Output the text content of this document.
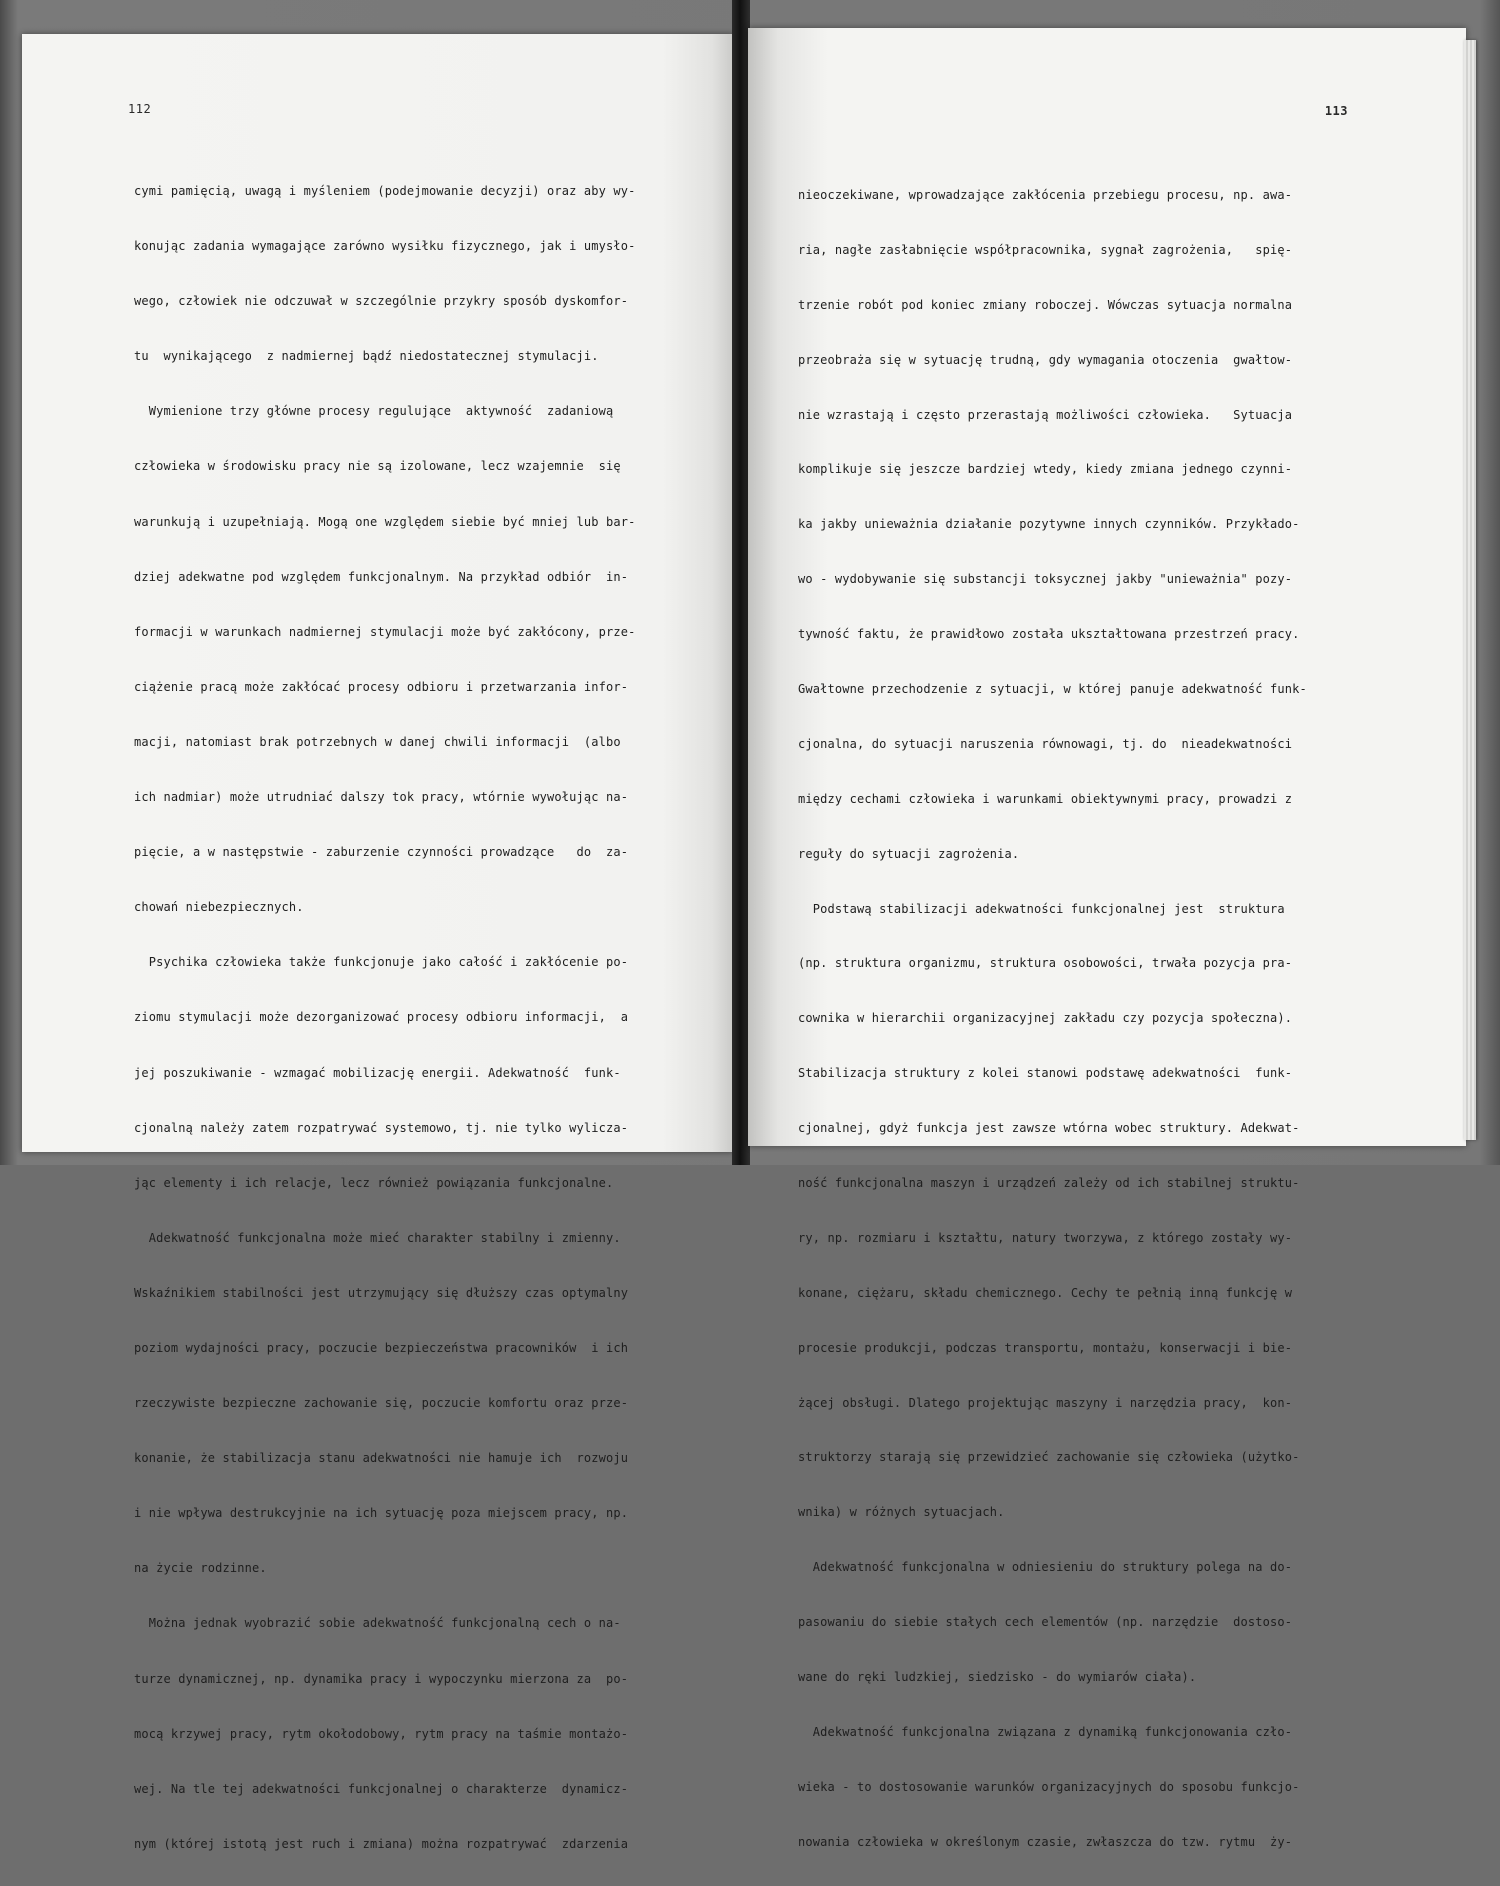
112

cymi pamięcią, uwagą i myśleniem (podejmowanie decyzji) oraz aby wy-

konując zadania wymagające zarówno wysiłku fizycznego, jak i umysło-

wego, człowiek nie odczuwał w szczególnie przykry sposób dyskomfor-

tu  wynikającego  z nadmiernej bądź niedostatecznej stymulacji.

Wymienione trzy główne procesy regulujące  aktywność  zadaniową

człowieka w środowisku pracy nie są izolowane, lecz wzajemnie  się

warunkują i uzupełniają. Mogą one względem siebie być mniej lub bar-

dziej adekwatne pod względem funkcjonalnym. Na przykład odbiór  in-

formacji w warunkach nadmiernej stymulacji może być zakłócony, prze-

ciążenie pracą może zakłócać procesy odbioru i przetwarzania infor-

macji, natomiast brak potrzebnych w danej chwili informacji  (albo

ich nadmiar) może utrudniać dalszy tok pracy, wtórnie wywołując na-

pięcie, a w następstwie - zaburzenie czynności prowadzące   do  za-

chowań niebezpiecznych.

Psychika człowieka także funkcjonuje jako całość i zakłócenie po-

ziomu stymulacji może dezorganizować procesy odbioru informacji,  a

jej poszukiwanie - wzmagać mobilizację energii. Adekwatność  funk-

cjonalną należy zatem rozpatrywać systemowo, tj. nie tylko wylicza-

jąc elementy i ich relacje, lecz również powiązania funkcjonalne.

Adekwatność funkcjonalna może mieć charakter stabilny i zmienny.

Wskaźnikiem stabilności jest utrzymujący się dłuższy czas optymalny

poziom wydajności pracy, poczucie bezpieczeństwa pracowników  i ich

rzeczywiste bezpieczne zachowanie się, poczucie komfortu oraz prze-

konanie, że stabilizacja stanu adekwatności nie hamuje ich  rozwoju

i nie wpływa destrukcyjnie na ich sytuację poza miejscem pracy, np.

na życie rodzinne.

Można jednak wyobrazić sobie adekwatność funkcjonalną cech o na-

turze dynamicznej, np. dynamika pracy i wypoczynku mierzona za  po-

mocą krzywej pracy, rytm okołodobowy, rytm pracy na taśmie montażo-

wej. Na tle tej adekwatności funkcjonalnej o charakterze  dynamicz-

nym (której istotą jest ruch i zmiana) można rozpatrywać  zdarzenia

113

nieoczekiwane, wprowadzające zakłócenia przebiegu procesu, np. awa-

ria, nagłe zasłabnięcie współpracownika, sygnał zagrożenia,   spię-

trzenie robót pod koniec zmiany roboczej. Wówczas sytuacja normalna

przeobraża się w sytuację trudną, gdy wymagania otoczenia  gwałtow-

nie wzrastają i często przerastają możliwości człowieka.   Sytuacja

komplikuje się jeszcze bardziej wtedy, kiedy zmiana jednego czynni-

ka jakby unieważnia działanie pozytywne innych czynników. Przykłado-

wo - wydobywanie się substancji toksycznej jakby "unieważnia" pozy-

tywność faktu, że prawidłowo została ukształtowana przestrzeń pracy.

Gwałtowne przechodzenie z sytuacji, w której panuje adekwatność funk-

cjonalna, do sytuacji naruszenia równowagi, tj. do  nieadekwatności

między cechami człowieka i warunkami obiektywnymi pracy, prowadzi z

reguły do sytuacji zagrożenia.

Podstawą stabilizacji adekwatności funkcjonalnej jest  struktura

(np. struktura organizmu, struktura osobowości, trwała pozycja pra-

cownika w hierarchii organizacyjnej zakładu czy pozycja społeczna).

Stabilizacja struktury z kolei stanowi podstawę adekwatności  funk-

cjonalnej, gdyż funkcja jest zawsze wtórna wobec struktury. Adekwat-

ność funkcjonalna maszyn i urządzeń zależy od ich stabilnej struktu-

ry, np. rozmiaru i kształtu, natury tworzywa, z którego zostały wy-

konane, ciężaru, składu chemicznego. Cechy te pełnią inną funkcję w

procesie produkcji, podczas transportu, montażu, konserwacji i bie-

żącej obsługi. Dlatego projektując maszyny i narzędzia pracy,  kon-

struktorzy starają się przewidzieć zachowanie się człowieka (użytko-

wnika) w różnych sytuacjach.

Adekwatność funkcjonalna w odniesieniu do struktury polega na do-

pasowaniu do siebie stałych cech elementów (np. narzędzie  dostoso-

wane do ręki ludzkiej, siedzisko - do wymiarów ciała).

Adekwatność funkcjonalna związana z dynamiką funkcjonowania czło-

wieka - to dostosowanie warunków organizacyjnych do sposobu funkcjo-

nowania człowieka w określonym czasie, zwłaszcza do tzw. rytmu  ży-
